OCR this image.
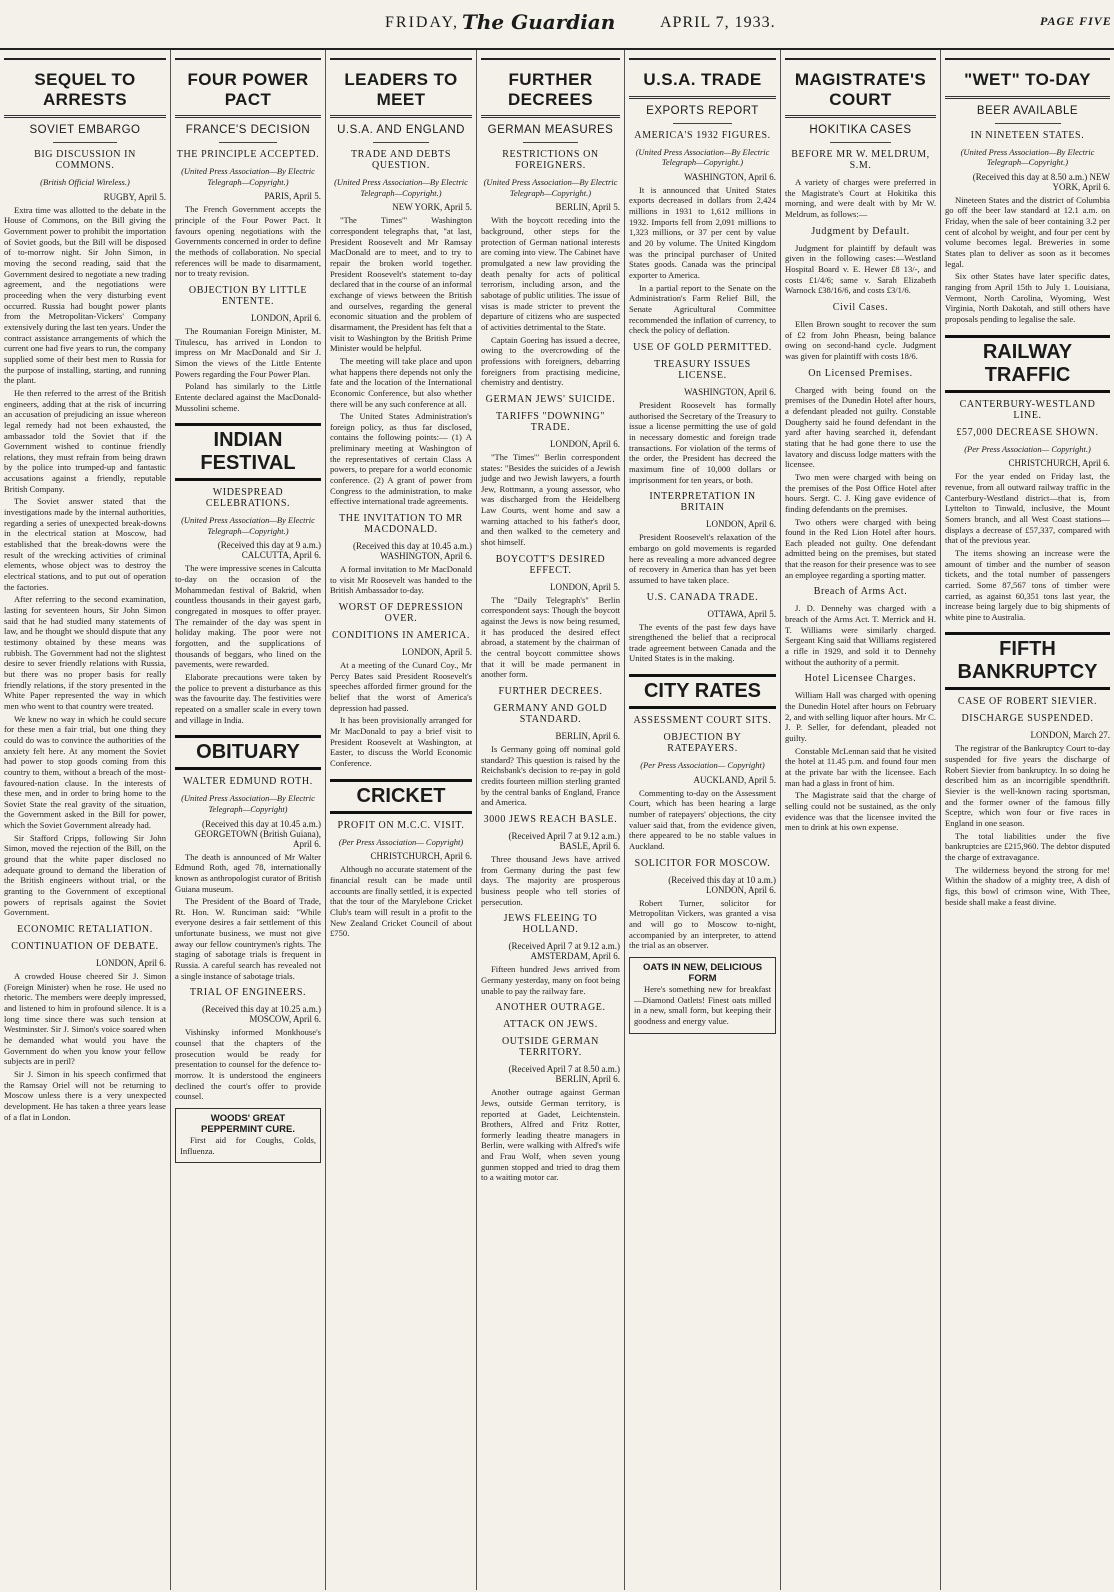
FRIDAY, The Guardian	APRIL 7, 1933.	PAGE FIVE
SEQUEL TO ARRESTS
SOVIET EMBARGO
BIG DISCUSSION IN COMMONS.
(British Official Wireless.)
RUGBY, April 5.
Extra time was allotted to the debate in the House of Commons, on the Bill giving the Government power to prohibit the importation of Soviet goods, but the Bill will be disposed of to-morrow night. Sir John Simon, in moving the second reading, said that the Government desired to negotiate a new trading agreement, and the negotiations were proceeding when the very disturbing event occurred. Russia had bought power plants from the Metropolitan-Vickers' Company extensively during the last ten years. Under the contract assistance arrangements of which the current one had five years to run, the company supplied some of their best men to Russia for the purpose of installing, starting, and running the plant.
He then referred to the arrest of the British engineers, adding that at the risk of incurring an accusation of prejudicing an issue whereon legal remedy had not been exhausted, the ambassador told the Soviet that if the Government wished to continue friendly relations, they must refrain from being drawn by the police into trumped-up and fantastic accusations against a friendly, reputable British Company.
The Soviet answer stated that the investigations made by the internal authorities, regarding a series of unexpected break-downs in the electrical station at Moscow, had established that the break-downs were the result of the wrecking activities of criminal elements, whose object was to destroy the electrical stations, and to put out of operation the factories.
After referring to the second examination, lasting for seventeen hours, Sir John Simon said that he had studied many statements of law, and he thought we should dispute that any testimony obtained by these means was rubbish. The Government had not the slightest desire to sever friendly relations with Russia, but there was no proper basis for really friendly relations, if the story presented in the White Paper represented the way in which men who went to that country were treated.
We knew no way in which he could secure for these men a fair trial, but one thing they could do was to convince the authorities of the anxiety felt here. At any moment the Soviet had power to stop goods coming from this country to them, without a breach of the most-favoured-nation clause. In the interests of these men, and in order to bring home to the Soviet State the real gravity of the situation, the Government asked in the Bill for power, which the Soviet Government already had.
Sir Stafford Cripps, following Sir John Simon, moved the rejection of the Bill, on the ground that the white paper disclosed no adequate ground to demand the liberation of the British engineers without trial, or the granting to the Government of exceptional powers of reprisals against the Soviet Government.
ECONOMIC RETALIATION.
CONTINUATION OF DEBATE.
LONDON, April 6.
A crowded House cheered Sir J. Simon (Foreign Minister) when he rose. He used no rhetoric. The members were deeply impressed, and listened to him in profound silence. It is a long time since there was such tension at Westminster. Sir J. Simon's voice soared when he demanded what would you have the Government do when you know your fellow subjects are in peril?
Sir J. Simon in his speech confirmed that the Ramsay Oriel will not be returning to Moscow unless there is a very unexpected development. He has taken a three years lease of a flat in London.
FOUR POWER PACT
FRANCE'S DECISION
THE PRINCIPLE ACCEPTED.
(United Press Association—By Electric Telegraph—Copyright.)
PARIS, April 5.
The French Government accepts the principle of the Four Power Pact. It favours opening negotiations with the Governments concerned in order to define the methods of collaboration. No special references will be made to disarmament, nor to treaty revision.
OBJECTION BY LITTLE ENTENTE.
LONDON, April 6.
The Roumanian Foreign Minister, M. Titulescu, has arrived in London to impress on Mr MacDonald and Sir J. Simon the views of the Little Entente Powers regarding the Four Power Plan.
Poland has similarly to the Little Entente declared against the MacDonald-Mussolini scheme.
INDIAN FESTIVAL
WIDESPREAD CELEBRATIONS.
(United Press Association—By Electric Telegraph—Copyright.)
(Received this day at 9 a.m.) CALCUTTA, April 6.
The were impressive scenes in Calcutta to-day on the occasion of the Mohammedan festival of Bakrid, when countless thousands in their gayest garb, congregated in mosques to offer prayer. The remainder of the day was spent in holiday making. The poor were not forgotten, and the supplications of thousands of beggars, who lined on the pavements, were rewarded.
Elaborate precautions were taken by the police to prevent a disturbance as this was the favourite day. The festivities were repeated on a smaller scale in every town and village in India.
OBITUARY
WALTER EDMUND ROTH.
(United Press Association—By Electric Telegraph—Copyright)
(Received this day at 10.45 a.m.) GEORGETOWN (British Guiana), April 6.
The death is announced of Mr Walter Edmund Roth, aged 78, internationally known as anthropologist curator of British Guiana museum.
The President of the Board of Trade, Rt. Hon. W. Runciman said: "While everyone desires a fair settlement of this unfortunate business, we must not give away our fellow countrymen's rights. The staging of sabotage trials is frequent in Russia. A careful search has revealed not a single instance of sabotage trials.
TRIAL OF ENGINEERS.
(Received this day at 10.25 a.m.) MOSCOW, April 6.
Vishinsky informed Monkhouse's counsel that the chapters of the prosecution would be ready for presentation to counsel for the defence to-morrow. It is understood the engineers declined the court's offer to provide counsel.
WOODS' GREAT PEPPERMINT CURE.
First aid for Coughs, Colds, Influenza.
LEADERS TO MEET
U.S.A. AND ENGLAND
TRADE AND DEBTS QUESTION.
(United Press Association—By Electric Telegraph—Copyright.)
NEW YORK, April 5.
"The Times'" Washington correspondent telegraphs that, "at last, President Roosevelt and Mr Ramsay MacDonald are to meet, and to try to repair the broken world together. President Roosevelt's statement to-day declared that in the course of an informal exchange of views between the British and ourselves, regarding the general economic situation and the problem of disarmament, the President has felt that a visit to Washington by the British Prime Minister would be helpful.
The meeting will take place and upon what happens there depends not only the fate and the location of the International Economic Conference, but also whether there will be any such conference at all.
The United States Administration's foreign policy, as thus far disclosed, contains the following points:— (1) A preliminary meeting at Washington of the representatives of certain Class A powers, to prepare for a world economic conference. (2) A grant of power from Congress to the administration, to make effective international trade agreements.
THE INVITATION TO MR MACDONALD.
(Received this day at 10.45 a.m.) WASHINGTON, April 6.
A formal invitation to Mr MacDonald to visit Mr Roosevelt was handed to the British Ambassador to-day.
WORST OF DEPRESSION OVER.
CONDITIONS IN AMERICA.
LONDON, April 5.
At a meeting of the Cunard Coy., Mr Percy Bates said President Roosevelt's speeches afforded firmer ground for the belief that the worst of America's depression had passed.
It has been provisionally arranged for Mr MacDonald to pay a brief visit to President Roosevelt at Washington, at Easter, to discuss the World Economic Conference.
CRICKET
PROFIT ON M.C.C. VISIT.
(Per Press Association— Copyright)
CHRISTCHURCH, April 6.
Although no accurate statement of the financial result can be made until accounts are finally settled, it is expected that the tour of the Marylebone Cricket Club's team will result in a profit to the New Zealand Cricket Council of about £750.
FURTHER DECREES
GERMAN MEASURES
RESTRICTIONS ON FOREIGNERS.
(United Press Association—By Electric Telegraph—Copyright.)
BERLIN, April 5.
With the boycott receding into the background, other steps for the protection of German national interests are coming into view. The Cabinet have promulgated a new law providing the death penalty for acts of political terrorism, including arson, and the sabotage of public utilities. The issue of visas is made stricter to prevent the departure of citizens who are suspected of activities detrimental to the State.
Captain Goering has issued a decree, owing to the overcrowding of the professions with foreigners, debarring foreigners from practising medicine, chemistry and dentistry.
GERMAN JEWS' SUICIDE.
TARIFFS "DOWNING" TRADE.
LONDON, April 6.
"The Times'" Berlin correspondent states: "Besides the suicides of a Jewish judge and two Jewish lawyers, a fourth Jew, Rottmann, a young assessor, who was discharged from the Heidelberg Law Courts, went home and saw a warning attached to his father's door, and then walked to the cemetery and shot himself.
BOYCOTT'S DESIRED EFFECT.
LONDON, April 5.
The "Daily Telegraph's" Berlin correspondent says: Though the boycott against the Jews is now being resumed, it has produced the desired effect abroad, a statement by the chairman of the central boycott committee shows that it will be made permanent in another form.
FURTHER DECREES.
GERMANY AND GOLD STANDARD.
BERLIN, April 6.
Is Germany going off nominal gold standard? This question is raised by the Reichsbank's decision to re-pay in gold credits fourteen million sterling granted by the central banks of England, France and America.
3000 JEWS REACH BASLE.
(Received April 7 at 9.12 a.m.) BASLE, April 6.
Three thousand Jews have arrived from Germany during the past few days. The majority are prosperous business people who tell stories of persecution.
JEWS FLEEING TO HOLLAND.
(Received April 7 at 9.12 a.m.) AMSTERDAM, April 6.
Fifteen hundred Jews arrived from Germany yesterday, many on foot being unable to pay the railway fare.
ANOTHER OUTRAGE.
ATTACK ON JEWS.
OUTSIDE GERMAN TERRITORY.
(Received April 7 at 8.50 a.m.) BERLIN, April 6.
Another outrage against German Jews, outside German territory, is reported at Gadet, Leichtenstein. Brothers, Alfred and Fritz Rotter, formerly leading theatre managers in Berlin, were walking with Alfred's wife and Frau Wolf, when seven young gunmen stopped and tried to drag them to a waiting motor car.
U.S.A. TRADE
EXPORTS REPORT
AMERICA'S 1932 FIGURES.
(United Press Association—By Electric Telegraph—Copyright.)
WASHINGTON, April 6.
It is announced that United States exports decreased in dollars from 2,424 millions in 1931 to 1,612 millions in 1932. Imports fell from 2,091 millions to 1,323 millions, or 37 per cent by value and 20 by volume. The United Kingdom was the principal purchaser of United States goods. Canada was the principal exporter to America.
In a partial report to the Senate on the Administration's Farm Relief Bill, the Senate Agricultural Committee recommended the inflation of currency, to check the policy of deflation.
USE OF GOLD PERMITTED.
TREASURY ISSUES LICENSE.
WASHINGTON, April 6.
President Roosevelt has formally authorised the Secretary of the Treasury to issue a license permitting the use of gold in necessary domestic and foreign trade transactions. For violation of the terms of the order, the President has decreed the maximum fine of 10,000 dollars or imprisonment for ten years, or both.
INTERPRETATION IN BRITAIN
LONDON, April 6.
President Roosevelt's relaxation of the embargo on gold movements is regarded here as revealing a more advanced degree of recovery in America than has yet been assumed to have taken place.
U.S. CANADA TRADE.
OTTAWA, April 5.
The events of the past few days have strengthened the belief that a reciprocal trade agreement between Canada and the United States is in the making.
CITY RATES
ASSESSMENT COURT SITS.
OBJECTION BY RATEPAYERS.
(Per Press Association— Copyright)
AUCKLAND, April 5.
Commenting to-day on the Assessment Court, which has been hearing a large number of ratepayers' objections, the city valuer said that, from the evidence given, there appeared to be no stable values in Auckland.
SOLICITOR FOR MOSCOW.
(Received this day at 10 a.m.) LONDON, April 6.
Robert Turner, solicitor for Metropolitan Vickers, was granted a visa and will go to Moscow to-night, accompanied by an interpreter, to attend the trial as an observer.
OATS IN NEW, DELICIOUS FORM
Here's something new for breakfast—Diamond Oatlets! Finest oats milled in a new, small form, but keeping their goodness and energy value.
MAGISTRATE'S COURT
HOKITIKA CASES
BEFORE MR W. MELDRUM, S.M.
A variety of charges were preferred in the Magistrate's Court at Hokitika this morning, and were dealt with by Mr W. Meldrum, as follows:—
Judgment by Default.
Judgment for plaintiff by default was given in the following cases:—Westland Hospital Board v. E. Hewer £8 13/-, and costs £1/4/6; same v. Sarah Elizabeth Warnock £38/16/6, and costs £3/1/6.
Civil Cases.
Ellen Brown sought to recover the sum of £2 from John Pheasn, being balance owing on second-hand cycle. Judgment was given for plaintiff with costs 18/6.
On Licensed Premises.
Charged with being found on the premises of the Dunedin Hotel after hours, a defendant pleaded not guilty. Constable Dougherty said he found defendant in the yard after having searched it, defendant stating that he had gone there to use the lavatory and discuss lodge matters with the licensee.
Two men were charged with being on the premises of the Post Office Hotel after hours. Sergt. C. J. King gave evidence of finding defendants on the premises.
Two others were charged with being found in the Red Lion Hotel after hours. Each pleaded not guilty. One defendant admitted being on the premises, but stated that the reason for their presence was to see an employee regarding a sporting matter.
Breach of Arms Act.
J. D. Dennehy was charged with a breach of the Arms Act. T. Merrick and H. T. Williams were similarly charged. Sergeant King said that Williams registered a rifle in 1929, and sold it to Dennehy without the authority of a permit.
Hotel Licensee Charges.
William Hall was charged with opening the Dunedin Hotel after hours on February 2, and with selling liquor after hours. Mr C. J. P. Seller, for defendant, pleaded not guilty.
Constable McLennan said that he visited the hotel at 11.45 p.m. and found four men at the private bar with the licensee. Each man had a glass in front of him.
The Magistrate said that the charge of selling could not be sustained, as the only evidence was that the licensee invited the men to drink at his own expense.
"WET" TO-DAY
BEER AVAILABLE
IN NINETEEN STATES.
(United Press Association—By Electric Telegraph—Copyright.)
(Received this day at 8.50 a.m.) NEW YORK, April 6.
Nineteen States and the district of Columbia go off the beer law standard at 12.1 a.m. on Friday, when the sale of beer containing 3.2 per cent of alcohol by weight, and four per cent by volume becomes legal. Breweries in some States plan to deliver as soon as it becomes legal.
Six other States have later specific dates, ranging from April 15th to July 1. Louisiana, Vermont, North Carolina, Wyoming, West Virginia, North Dakotah, and still others have proposals pending to legalise the sale.
RAILWAY TRAFFIC
CANTERBURY-WESTLAND LINE.
£57,000 DECREASE SHOWN.
(Per Press Association— Copyright.)
CHRISTCHURCH, April 6.
For the year ended on Friday last, the revenue, from all outward railway traffic in the Canterbury-Westland district—that is, from Lyttelton to Tinwald, inclusive, the Mount Somers branch, and all West Coast stations—displays a decrease of £57,337, compared with that of the previous year.
The items showing an increase were the amount of timber and the number of season tickets, and the total number of passengers carried. Some 87,567 tons of timber were carried, as against 60,351 tons last year, the increase being largely due to big shipments of white pine to Australia.
FIFTH BANKRUPTCY
CASE OF ROBERT SIEVIER.
DISCHARGE SUSPENDED.
LONDON, March 27.
The registrar of the Bankruptcy Court to-day suspended for five years the discharge of Robert Sievier from bankruptcy. In so doing he described him as an incorrigible spendthrift. Sievier is the well-known racing sportsman, and the former owner of the famous filly Sceptre, which won four or five races in England in one season.
The total liabilities under the five bankruptcies are £215,960. The debtor disputed the charge of extravagance.
The wilderness beyond the strong for me! Within the shadow of a mighty tree, A dish of figs, this bowl of crimson wine, With Thee, beside shall make a feast divine.
